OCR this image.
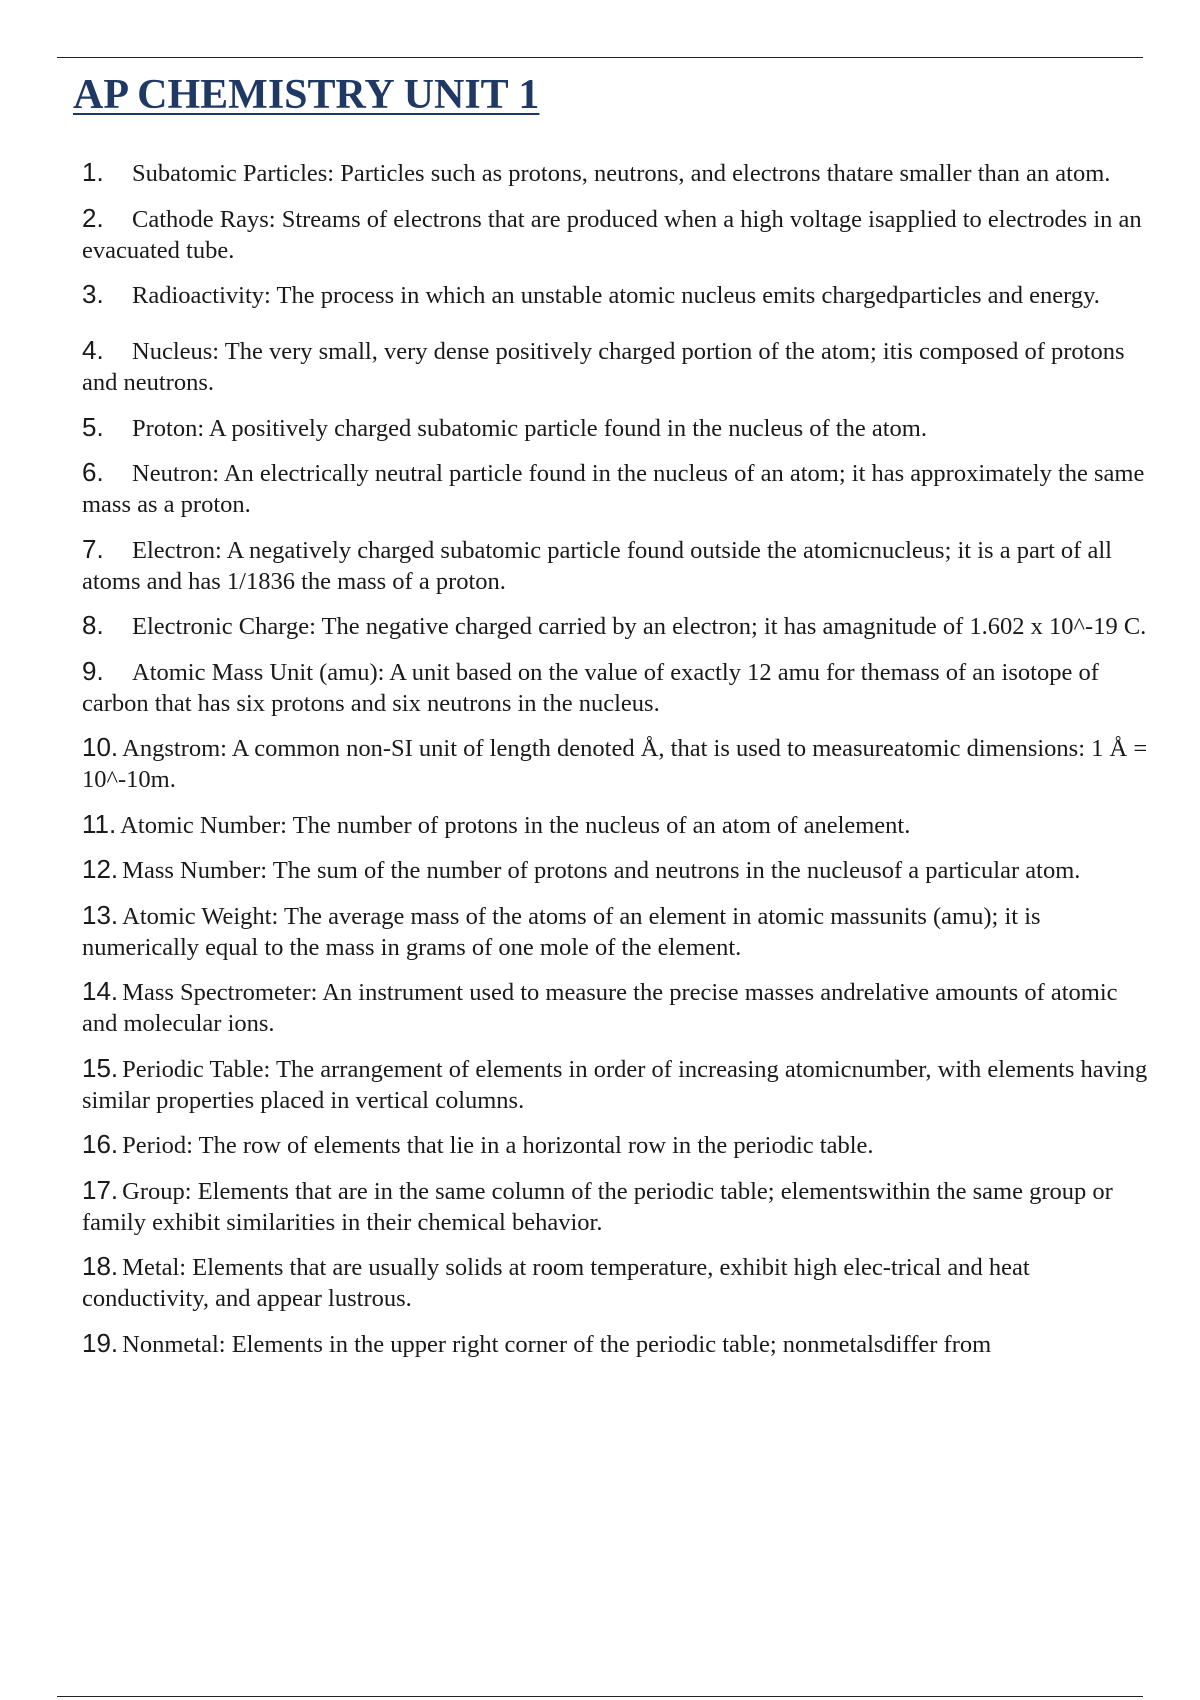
AP CHEMISTRY UNIT 1
1. Subatomic Particles: Particles such as protons, neutrons, and electrons thatare smaller than an atom.
2. Cathode Rays: Streams of electrons that are produced when a high voltage isapplied to electrodes in an evacuated tube.
3. Radioactivity: The process in which an unstable atomic nucleus emits chargedparticles and energy.
4. Nucleus: The very small, very dense positively charged portion of the atom; itis composed of protons and neutrons.
5. Proton: A positively charged subatomic particle found in the nucleus of the atom.
6. Neutron: An electrically neutral particle found in the nucleus of an atom; it has approximately the same mass as a proton.
7. Electron: A negatively charged subatomic particle found outside the atomicnucleus; it is a part of all atoms and has 1/1836 the mass of a proton.
8. Electronic Charge: The negative charged carried by an electron; it has amagnitude of 1.602 x 10^-19 C.
9. Atomic Mass Unit (amu): A unit based on the value of exactly 12 amu for themass of an isotope of carbon that has six protons and six neutrons in the nucleus.
10. Angstrom: A common non-SI unit of length denoted Å, that is used to measureatomic dimensions: 1 Å = 10^-10m.
11. Atomic Number: The number of protons in the nucleus of an atom of anelement.
12. Mass Number: The sum of the number of protons and neutrons in the nucleusof a particular atom.
13. Atomic Weight: The average mass of the atoms of an element in atomic massunits (amu); it is numerically equal to the mass in grams of one mole of the element.
14. Mass Spectrometer: An instrument used to measure the precise masses andrelative amounts of atomic and molecular ions.
15. Periodic Table: The arrangement of elements in order of increasing atomicnumber, with elements having similar properties placed in vertical columns.
16. Period: The row of elements that lie in a horizontal row in the periodic table.
17. Group: Elements that are in the same column of the periodic table; elementswithin the same group or family exhibit similarities in their chemical behavior.
18. Metal: Elements that are usually solids at room temperature, exhibit high elec-trical and heat conductivity, and appear lustrous.
19. Nonmetal: Elements in the upper right corner of the periodic table; nonmetalsdiffer from
